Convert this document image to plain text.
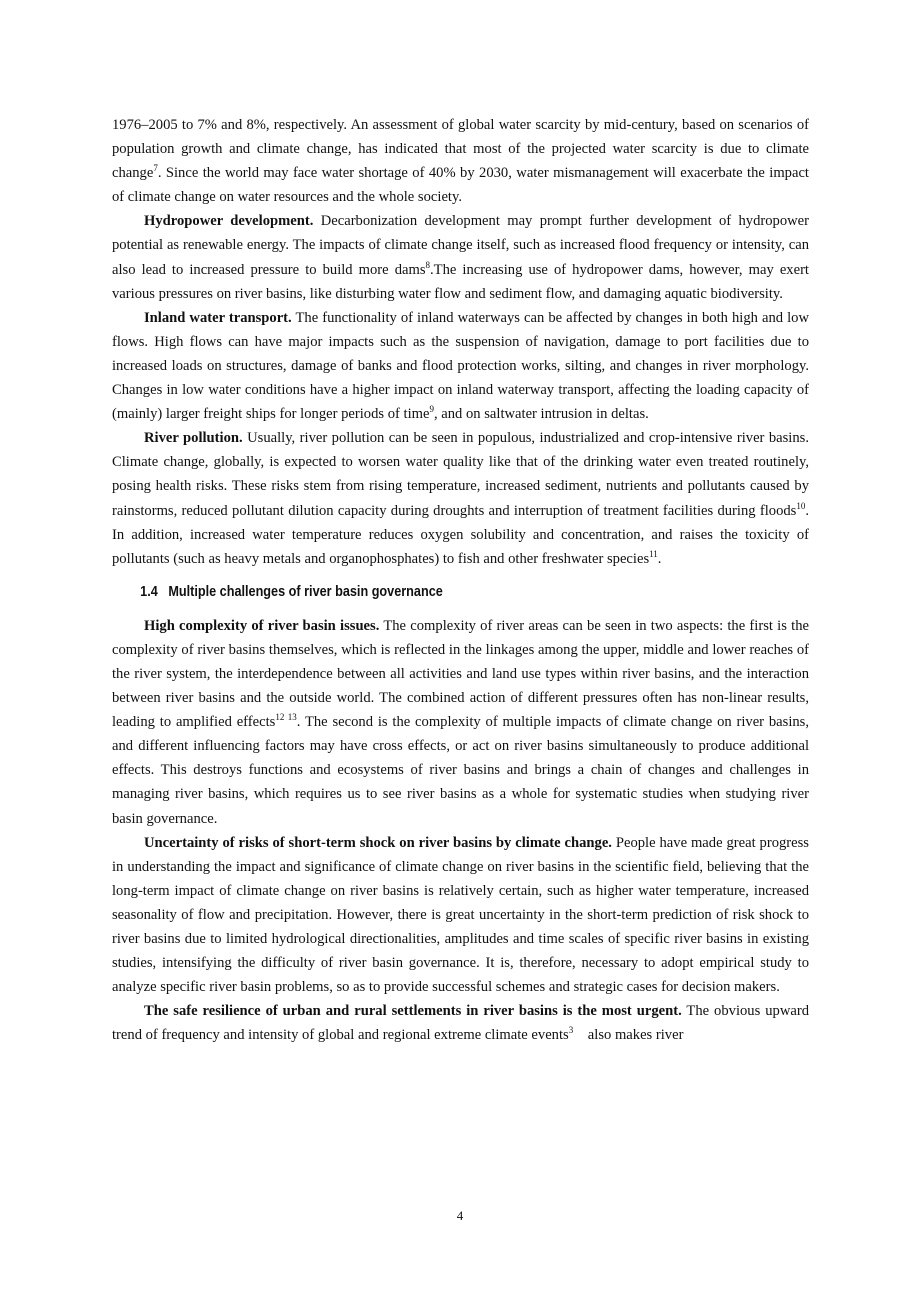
1976–2005 to 7% and 8%, respectively. An assessment of global water scarcity by mid-century, based on scenarios of population growth and climate change, has indicated that most of the projected water scarcity is due to climate change$^7$. Since the world may face water shortage of 40% by 2030, water mismanagement will exacerbate the impact of climate change on water resources and the whole society.

Hydropower development. Decarbonization development may prompt further development of hydropower potential as renewable energy. The impacts of climate change itself, such as increased flood frequency or intensity, can also lead to increased pressure to build more dams$^8$.The increasing use of hydropower dams, however, may exert various pressures on river basins, like disturbing water flow and sediment flow, and damaging aquatic biodiversity.

Inland water transport. The functionality of inland waterways can be affected by changes in both high and low flows. High flows can have major impacts such as the suspension of navigation, damage to port facilities due to increased loads on structures, damage of banks and flood protection works, silting, and changes in river morphology. Changes in low water conditions have a higher impact on inland waterway transport, affecting the loading capacity of (mainly) larger freight ships for longer periods of time$^9$, and on saltwater intrusion in deltas.

River pollution. Usually, river pollution can be seen in populous, industrialized and crop-intensive river basins. Climate change, globally, is expected to worsen water quality like that of the drinking water even treated routinely, posing health risks. These risks stem from rising temperature, increased sediment, nutrients and pollutants caused by rainstorms, reduced pollutant dilution capacity during droughts and interruption of treatment facilities during floods$^{10}$. In addition, increased water temperature reduces oxygen solubility and concentration, and raises the toxicity of pollutants (such as heavy metals and organophosphates) to fish and other freshwater species$^{11}$.

1.4 Multiple challenges of river basin governance

High complexity of river basin issues. The complexity of river areas can be seen in two aspects: the first is the complexity of river basins themselves, which is reflected in the linkages among the upper, middle and lower reaches of the river system, the interdependence between all activities and land use types within river basins, and the interaction between river basins and the outside world. The combined action of different pressures often has non-linear results, leading to amplified effects$^{12 13}$. The second is the complexity of multiple impacts of climate change on river basins, and different influencing factors may have cross effects, or act on river basins simultaneously to produce additional effects. This destroys functions and ecosystems of river basins and brings a chain of changes and challenges in managing river basins, which requires us to see river basins as a whole for systematic studies when studying river basin governance.

Uncertainty of risks of short-term shock on river basins by climate change. People have made great progress in understanding the impact and significance of climate change on river basins in the scientific field, believing that the long-term impact of climate change on river basins is relatively certain, such as higher water temperature, increased seasonality of flow and precipitation. However, there is great uncertainty in the short-term prediction of risk shock to river basins due to limited hydrological directionalities, amplitudes and time scales of specific river basins in existing studies, intensifying the difficulty of river basin governance. It is, therefore, necessary to adopt empirical study to analyze specific river basin problems, so as to provide successful schemes and strategic cases for decision makers.

The safe resilience of urban and rural settlements in river basins is the most urgent. The obvious upward trend of frequency and intensity of global and regional extreme climate events$^3$ also makes river

4
